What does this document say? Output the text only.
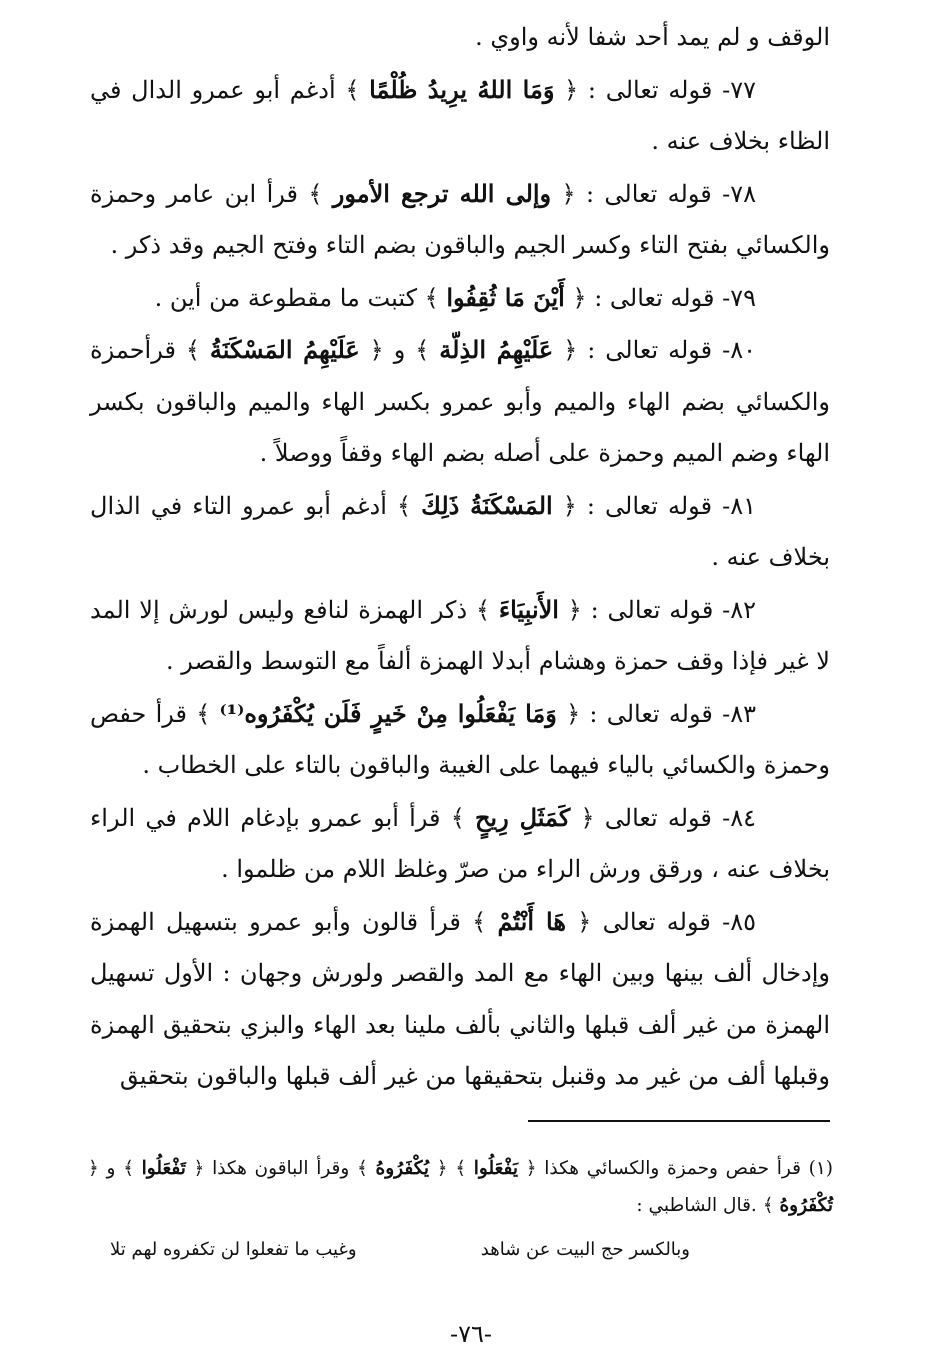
الوقف و لم يمد أحد شفا لأنه واوي .

٧٧- قوله تعالى : ﴿ وَمَا اللهُ يرِيدُ ظُلْمًا ﴾ أدغم أبو عمرو الدال في الظاء بخلاف عنه .

٧٨- قوله تعالى : ﴿ وإلى الله ترجع الأمور ﴾ قرأ ابن عامر وحمزة والكسائي بفتح التاء وكسر الجيم والباقون بضم التاء وفتح الجيم وقد ذكر .

٧٩- قوله تعالى : ﴿ أَيْنَ مَا ثُقِفُوا ﴾ كتبت ما مقطوعة من أين .

٨٠- قوله تعالى : ﴿ عَلَيْهِمُ الذِلّة ﴾ و ﴿ عَلَيْهِمُ المَسْكَنَةُ ﴾ قرأحمزة والكسائي بضم الهاء والميم وأبو عمرو بكسر الهاء والميم والباقون بكسر الهاء وضم الميم وحمزة على أصله بضم الهاء وقفاً ووصلاً .

٨١- قوله تعالى : ﴿ المَسْكَنَةُ ذَلِكَ ﴾ أدغم أبو عمرو التاء في الذال بخلاف عنه .

٨٢- قوله تعالى : ﴿ الأَنبِيَاءَ ﴾ ذكر الهمزة لنافع وليس لورش إلا المد لا غير فإذا وقف حمزة وهشام أبدلا الهمزة ألفاً مع التوسط والقصر .

٨٣- قوله تعالى : ﴿ وَمَا يَفْعَلُوا مِنْ خَيرٍ فَلَن يُكْفَرُوه⁽¹⁾ ﴾ قرأ حفص وحمزة والكسائي بالياء فيهما على الغيبة والباقون بالتاء على الخطاب .

٨٤- قوله تعالى ﴿ كَمَثَلِ رِيحٍ ﴾ قرأ أبو عمرو بإدغام اللام في الراء بخلاف عنه ، ورقق ورش الراء من صرّ وغلظ اللام من ظلموا .

٨٥- قوله تعالى ﴿ هَا أَنْتُمْ ﴾ قرأ قالون وأبو عمرو بتسهيل الهمزة وإدخال ألف بينها وبين الهاء مع المد والقصر ولورش وجهان : الأول تسهيل الهمزة من غير ألف قبلها والثاني بألف ملينا بعد الهاء والبزي بتحقيق الهمزة وقبلها ألف من غير مد وقنبل بتحقيقها من غير ألف قبلها والباقون بتحقيق

(١) قرأ حفص وحمزة والكسائي هكذا ﴿ يَفْعَلُوا ﴾ ﴿ يُكْفَرُوهُ ﴾ وقرأ الباقون هكذا ﴿ تَفْعَلُوا ﴾ و ﴿ تُكْفَرُوهُ ﴾ .قال الشاطبي :

وبالكسر حج البيت عن شاهد
وغيب ما تفعلوا لن تكفروه لهم تلا
-٧٦-
